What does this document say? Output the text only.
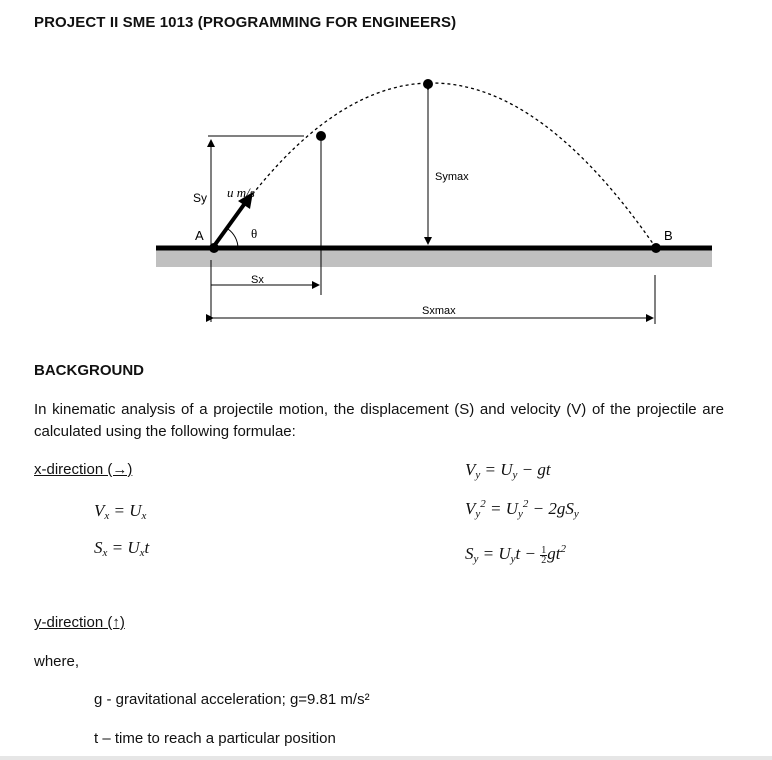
PROJECT II SME 1013 (PROGRAMMING FOR ENGINEERS)
Sy u m/s
A	θ
Sx
Symax
Sxmax
B
BACKGROUND
In kinematic analysis of a projectile motion, the displacement (S) and velocity (V) of the projectile are calculated using the following formulae:
x-direction (→)
$V_x = U_x$
$S_x = U_xt$
$V_y = U_y$ − gt
$V_y^2 = U_y^2 - 2gS_y$
$S_y = U_yt - \frac{1}{2} gt^2$
y-direction (↑)
where,
g - gravitational acceleration; g=9.81 m/s²
t – time to reach a particular position
